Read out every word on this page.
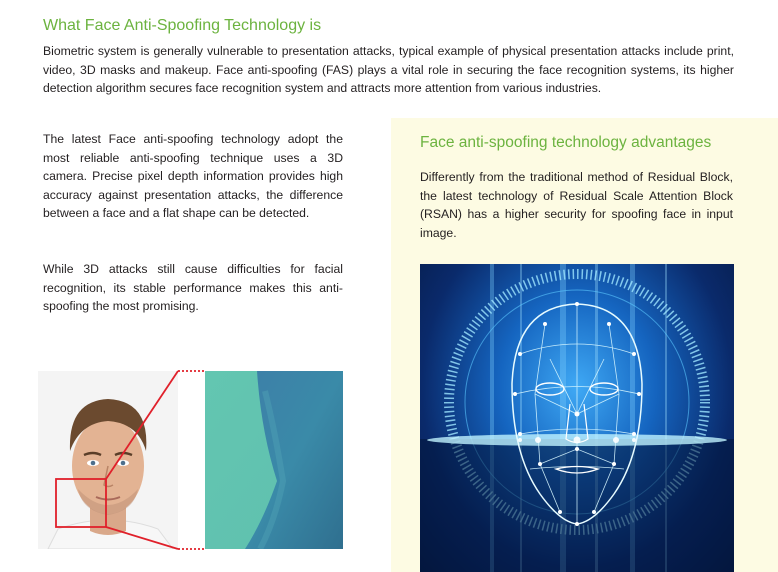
What Face Anti-Spoofing Technology is

Biometric system is generally vulnerable to presentation attacks, typical example of physical presentation attacks include print, video, 3D masks and makeup. Face anti-spoofing (FAS) plays a vital role in securing the face recognition systems, its higher detection algorithm secures face recognition system and attracts more attention from various industries.

The latest Face anti-spoofing technology adopt the most reliable anti-spoofing technique uses a 3D camera. Precise pixel depth information provides high accuracy against presentation attacks, the difference between a face and a flat shape can be detected.

While 3D attacks still cause difficulties for facial recognition, its stable performance makes this anti-spoofing the most promising.

Face anti-spoofing technology advantages

Differently from the traditional method of Residual Block, the latest technology of Residual Scale Attention Block (RSAN) has a higher security for spoofing face in input image.
